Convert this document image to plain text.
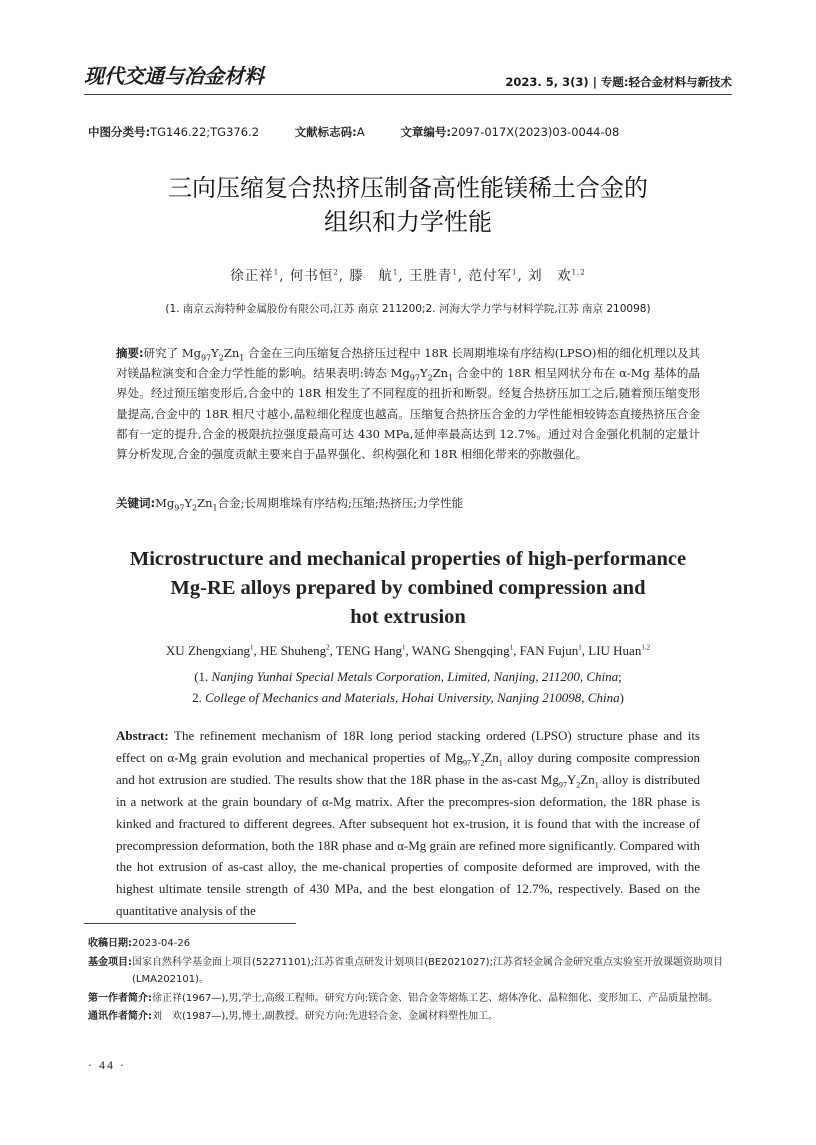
现代交通与冶金材料	2023. 5, 3(3) | 专题:轻合金材料与新技术
中图分类号:TG146.22;TG376.2	文献标志码:A	文章编号:2097-017X(2023)03-0044-08
三向压缩复合热挤压制备高性能镁稀土合金的
组织和力学性能
徐正祥$^1$, 何书恒$^2$, 滕　航$^1$, 王胜青$^1$, 范付军$^1$, 刘　欢$^{1,2}$
(1. 南京云海特种金属股份有限公司,江苏 南京 211200;2. 河海大学力学与材料学院,江苏 南京 210098)
摘要:研究了 $Mg_{97}Y_2Zn_1$ 合金在三向压缩复合热挤压过程中 18R 长周期堆垛有序结构(LPSO)相的细化机理以及其对镁晶粒演变和合金力学性能的影响。结果表明:铸态 $Mg_{97}Y_2Zn_1$ 合金中的 18R 相呈网状分布在 α-Mg 基体的晶界处。经过预压缩变形后,合金中的 18R 相发生了不同程度的扭折和断裂。经复合热挤压加工之后,随着预压缩变形量提高,合金中的 18R 相尺寸越小,晶粒细化程度也越高。压缩复合热挤压合金的力学性能相较铸态直接热挤压合金都有一定的提升,合金的极限抗拉强度最高可达 430 MPa,延伸率最高达到 12.7%。通过对合金强化机制的定量计算分析发现,合金的强度贡献主要来自于晶界强化、织构强化和 18R 相细化带来的弥散强化。
关键词$:Mg_{97}Y_2Zn_1$合金;长周期堆垛有序结构;压缩;热挤压;力学性能
Microstructure and mechanical properties of high-performance
Mg-RE alloys prepared by combined compression and
hot extrusion
XU Zhengxiang$^1$, HE Shuheng$^2$, TENG Hang$^1$, WANG Shengqing$^1$, FAN Fujun$^1$, LIU Huan$^{1,2}$
(1. Nanjing Yunhai Special Metals Corporation, Limited, Nanjing, 211200, China;
2. College of Mechanics and Materials, Hohai University, Nanjing 210098, China)
Abstract: The refinement mechanism of 18R long period stacking ordered (LPSO) structure phase and its effect on α-Mg grain evolution and mechanical properties of $Mg_{97}Y_2Zn_1$ alloy during composite compression and hot extrusion are studied. The results show that the 18R phase in the as-cast $Mg_{97}Y_2Zn_1$ alloy is distributed in a network at the grain boundary of α-Mg matrix. After the precompres-sion deformation, the 18R phase is kinked and fractured to different degrees. After subsequent hot ex-trusion, it is found that with the increase of precompression deformation, both the 18R phase and α-Mg grain are refined more significantly. Compared with the hot extrusion of as-cast alloy, the me-chanical properties of composite deformed are improved, with the highest ultimate tensile strength of 430 MPa, and the best elongation of 12.7%, respectively. Based on the quantitative analysis of the
收稿日期: 2023-04-26
基金项目: 国家自然科学基金面上项目(52271101);江苏省重点研发计划项目(BE2021027);江苏省轻金属合金研究重点实验室开放课题资助项目(LMA202101)。
第一作者简介: 徐正祥(1967—),男,学士,高级工程师。研究方向:镁合金、铝合金等熔炼工艺、熔体净化、晶粒细化、变形加工、产品质量控制。
通讯作者简介: 刘　欢(1987—),男,博士,副教授。研究方向:先进轻合金、金属材料塑性加工。
· 44 ·
